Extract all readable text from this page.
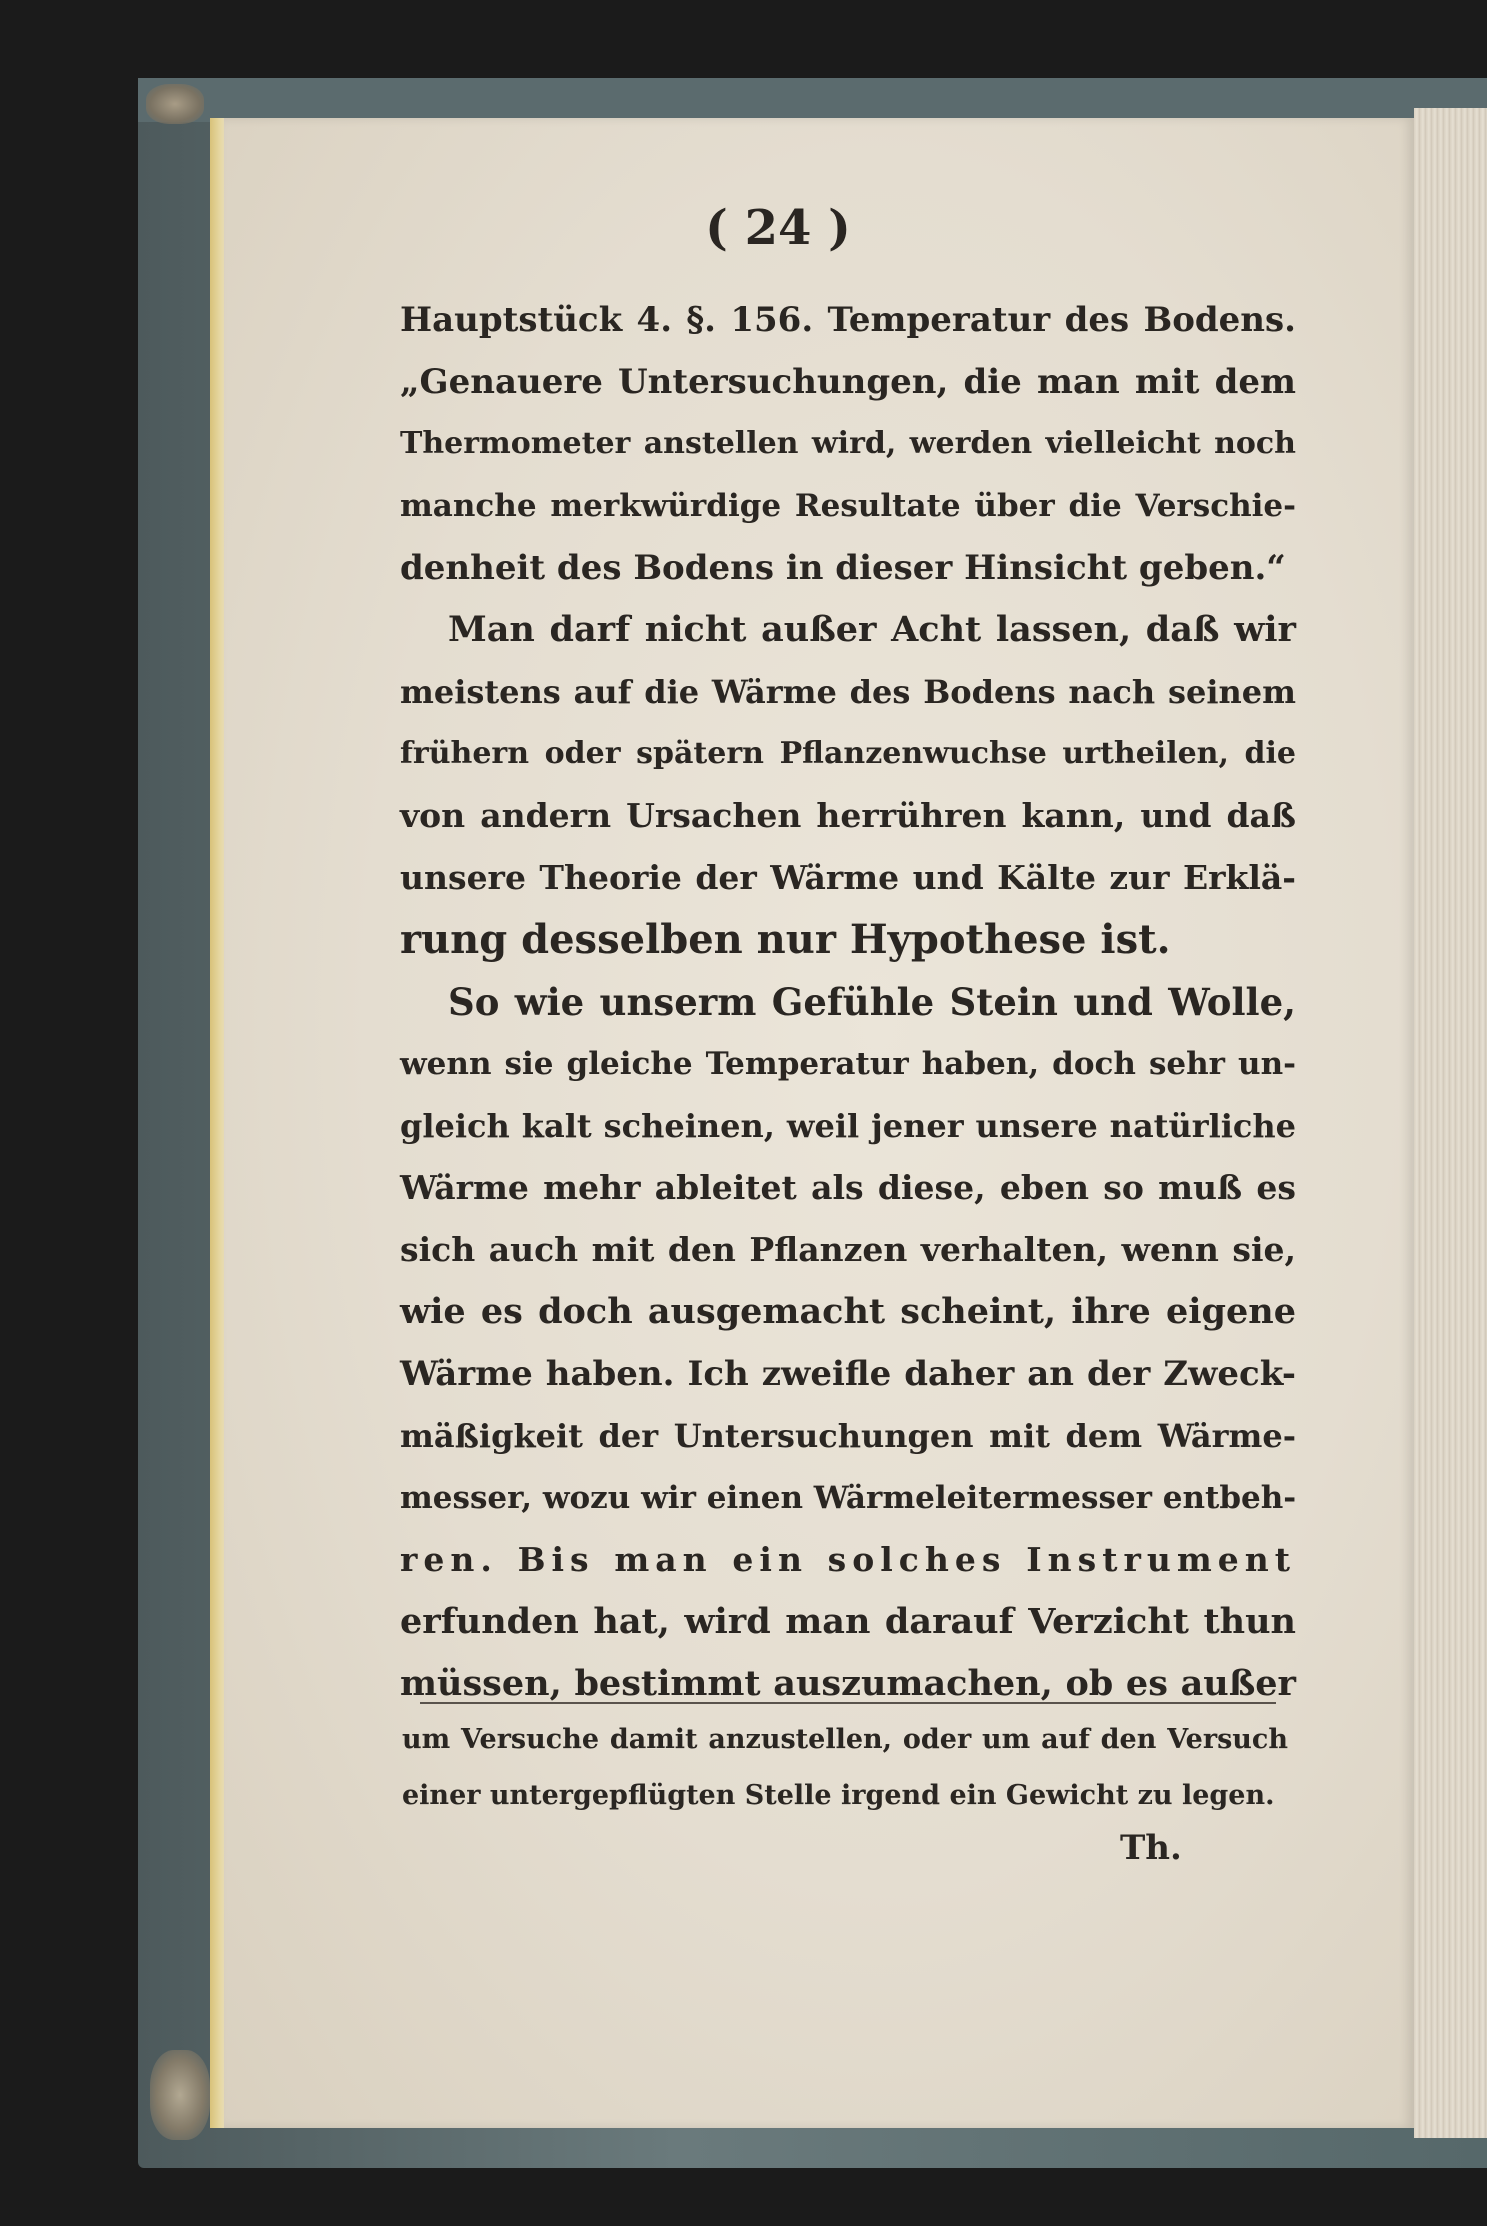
( 24 )
Hauptstück 4. §. 156. Temperatur des Bodens.
„Genauere Untersuchungen, die man mit dem
Thermometer anstellen wird, werden vielleicht noch
manche merkwürdige Resultate über die Verschie-
denheit des Bodens in dieser Hinsicht geben.“
Man darf nicht außer Acht lassen, daß wir
meistens auf die Wärme des Bodens nach seinem
frühern oder spätern Pflanzenwuchse urtheilen, die
von andern Ursachen herrühren kann, und daß
unsere Theorie der Wärme und Kälte zur Erklä-
rung desselben nur Hypothese ist.
So wie unserm Gefühle Stein und Wolle,
wenn sie gleiche Temperatur haben, doch sehr un-
gleich kalt scheinen, weil jener unsere natürliche
Wärme mehr ableitet als diese, eben so muß es
sich auch mit den Pflanzen verhalten, wenn sie,
wie es doch ausgemacht scheint, ihre eigene
Wärme haben. Ich zweifle daher an der Zweck-
mäßigkeit der Untersuchungen mit dem Wärme-
messer, wozu wir einen Wärmeleitermesser entbeh-
ren. Bis man ein solches Instrument
erfunden hat, wird man darauf Verzicht thun
müssen, bestimmt auszumachen, ob es außer
um Versuche damit anzustellen, oder um auf den Versuch
einer untergepflügten Stelle irgend ein Gewicht zu legen.
Th.
